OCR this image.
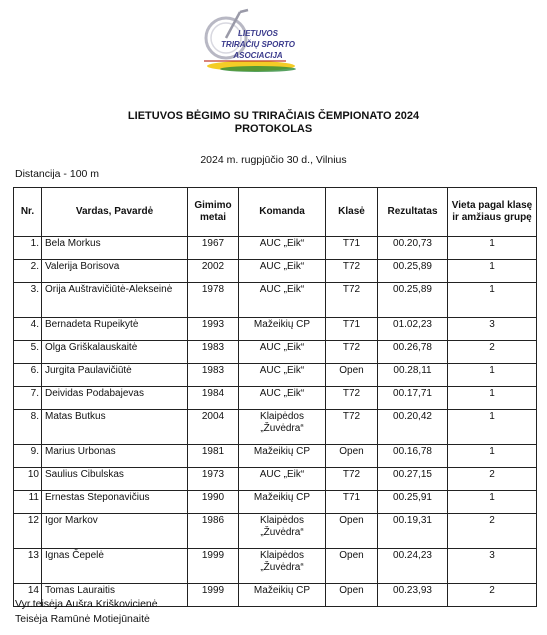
LIETUVOS
TRIRAČIŲ SPORTO
ASOCIACIJA
LIETUVOS BĖGIMO SU TRIRAČIAIS ČEMPIONATO 2024
PROTOKOLAS
2024 m. rugpjūčio 30 d., Vilnius
Distancija - 100 m
Nr.	Vardas, Pavardė	Gimimo metai	Komanda	Klasė	Rezultatas	Vieta pagal klasę ir amžiaus grupę
1.	Bela Morkus	1967	AUC „Eik“	T71	00.20,73	1
2.	Valerija Borisova	2002	AUC „Eik“	T72	00.25,89	1
3.	Orija Auštravičiūtė-Alekseinė	1978	AUC „Eik“	T72	00.25,89	1
4.	Bernadeta Rupeikytė	1993	Mažeikių CP	T71	01.02,23	3
5.	Olga Griškalauskaitė	1983	AUC „Eik“	T72	00.26,78	2
6.	Jurgita Paulavičiūtė	1983	AUC „Eik“	Open	00.28,11	1
7.	Deividas Podabajevas	1984	AUC „Eik“	T72	00.17,71	1
8.	Matas Butkus	2004	Klaipėdos „Žuvėdra“	T72	00.20,42	1
9.	Marius Urbonas	1981	Mažeikių CP	Open	00.16,78	1
10	Saulius Cibulskas	1973	AUC „Eik“	T72	00.27,15	2
11	Ernestas Steponavičius	1990	Mažeikių CP	T71	00.25,91	1
12	Igor Markov	1986	Klaipėdos „Žuvėdra“	Open	00.19,31	2
13	Ignas Čepelė	1999	Klaipėdos „Žuvėdra“	Open	00.24,23	3
14	Tomas Lauraitis	1999	Mažeikių CP	Open	00.23,93	2
Vyr.teisėja Aušra Kriškovicienė
Teisėja Ramūnė Motiejūnaitė
